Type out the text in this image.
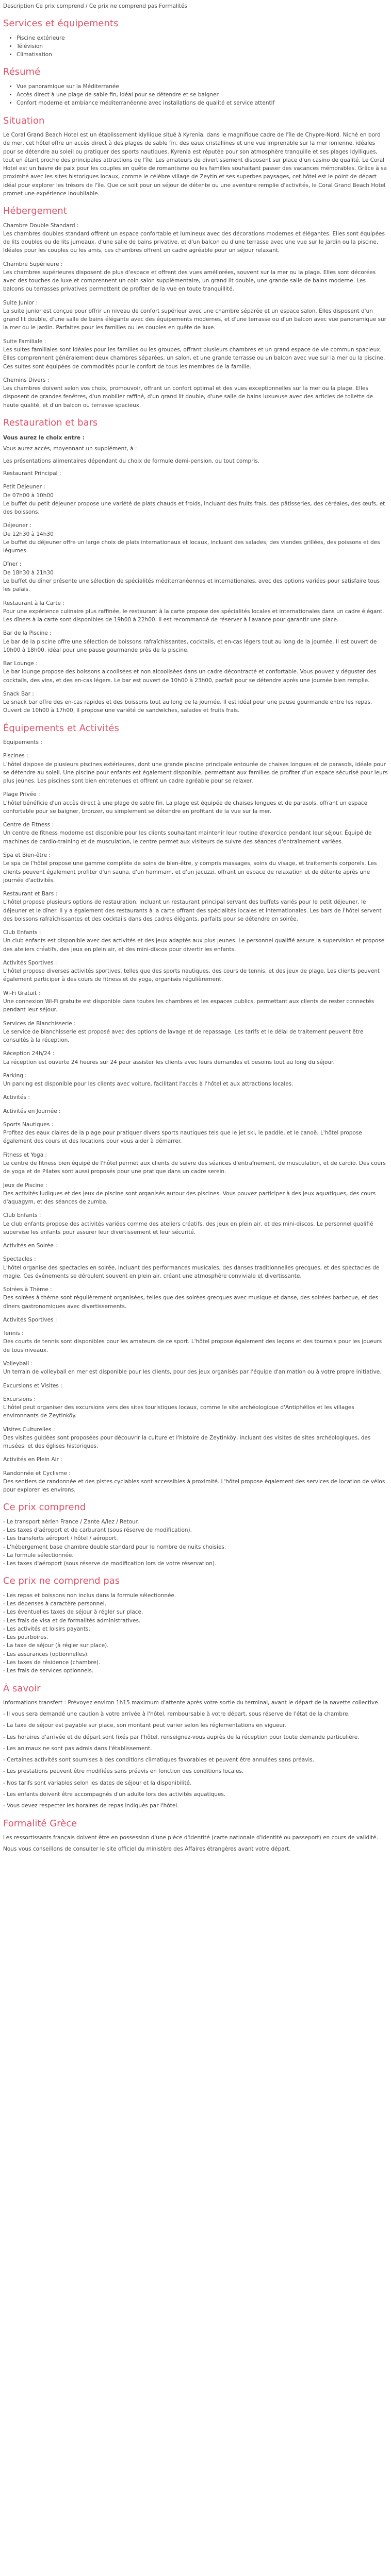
Description Ce prix comprend / Ce prix ne comprend pas Formalités

Services et équipements
• Piscine extérieure
• Télévision
• Climatisation
Résumé
• Vue panoramique sur la Méditerranée
• Accès direct à une plage de sable fin, idéal pour se détendre et se baigner
• Confort moderne et ambiance méditerranéenne avec installations de qualité et service attentif
Situation

Le Coral Grand Beach Hotel est un établissement idyllique situé à Kyrenia, dans le magnifique cadre de l'île de Chypre-Nord. Niché en bord de mer, cet hôtel offre un accès direct à des plages de sable fin, des eaux cristallines et une vue imprenable sur la mer ionienne, idéales pour se détendre au soleil ou pratiquer des sports nautiques. Kyrenia est réputée pour son atmosphère tranquille et ses plages idylliques, tout en étant proche des principales attractions de l'île. Les amateurs de divertissement disposent sur place d'un casino de qualité. Le Coral Hotel est un havre de paix pour les couples en quête de romantisme ou les familles souhaitant passer des vacances mémorables. Grâce à sa proximité avec les sites historiques locaux, comme le célèbre village de Zeytin et ses superbes paysages, cet hôtel est le point de départ idéal pour explorer les trésors de l'île. Que ce soit pour un séjour de détente ou une aventure remplie d'activités, le Coral Grand Beach Hotel promet une expérience inoubliable.

Hébergement

Chambre Double Standard :

Les chambres doubles standard offrent un espace confortable et lumineux avec des décorations modernes et élégantes. Elles sont équipées de lits doubles ou de lits jumeaux, d'une salle de bains privative, et d'un balcon ou d'une terrasse avec une vue sur le jardin ou la piscine. Idéales pour les couples ou les amis, ces chambres offrent un cadre agréable pour un séjour relaxant.

Chambre Supérieure :

Les chambres supérieures disposent de plus d'espace et offrent des vues améliorées, souvent sur la mer ou la plage. Elles sont décorées avec des touches de luxe et comprennent un coin salon supplémentaire, un grand lit double, une grande salle de bains moderne. Les balcons ou terrasses privatives permettent de profiter de la vue en toute tranquillité.

Suite Junior :

La suite junior est conçue pour offrir un niveau de confort supérieur avec une chambre séparée et un espace salon. Elles disposent d'un grand lit double, d'une salle de bains élégante avec des équipements modernes, et d'une terrasse ou d'un balcon avec vue panoramique sur la mer ou le jardin. Parfaites pour les familles ou les couples en quête de luxe.

Suite Familiale :

Les suites familiales sont idéales pour les familles ou les groupes, offrant plusieurs chambres et un grand espace de vie commun spacieux. Elles comprennent généralement deux chambres séparées, un salon, et une grande terrasse ou un balcon avec vue sur la mer ou la piscine. Ces suites sont équipées de commodités pour le confort de tous les membres de la famille.

Chemins Divers :

Les chambres doivent selon vos choix, promouvoir, offrant un confort optimal et des vues exceptionnelles sur la mer ou la plage. Elles disposent de grandes fenêtres, d'un mobilier raffiné, d'un grand lit double, d'une salle de bains luxueuse avec des articles de toilette de haute qualité, et d'un balcon ou terrasse spacieux.

Restauration et bars

Vous aurez le choix entre :

Vous aurez accès, moyennant un supplément, à :

Les présentations alimentaires dépendant du choix de formule demi-pension, ou tout compris.

Restaurant Principal :

Petit Déjeuner :

De 07h00 à 10h00

Le buffet du petit déjeuner propose une variété de plats chauds et froids, incluant des fruits frais, des pâtisseries, des céréales, des œufs, et des boissons.

Déjeuner :

De 12h30 à 14h30

Le buffet du déjeuner offre un large choix de plats internationaux et locaux, incluant des salades, des viandes grillées, des poissons et des légumes.

Dîner :

De 18h30 à 21h30

Le buffet du dîner présente une sélection de spécialités méditerranéennes et internationales, avec des options variées pour satisfaire tous les palais.

Restaurant à la Carte :

Pour une expérience culinaire plus raffinée, le restaurant à la carte propose des spécialités locales et internationales dans un cadre élégant. Les dîners à la carte sont disponibles de 19h00 à 22h00. Il est recommandé de réserver à l'avance pour garantir une place.

Bar de la Piscine :

Le bar de la piscine offre une sélection de boissons rafraîchissantes, cocktails, et en-cas légers tout au long de la journée. Il est ouvert de 10h00 à 18h00, idéal pour une pause gourmande près de la piscine.

Bar Lounge :

Le bar lounge propose des boissons alcoolisées et non alcoolisées dans un cadre décontracté et confortable. Vous pouvez y déguster des cocktails, des vins, et des en-cas légers. Le bar est ouvert de 10h00 à 23h00, parfait pour se détendre après une journée bien remplie.

Snack Bar :

Le snack bar offre des en-cas rapides et des boissons tout au long de la journée. Il est idéal pour une pause gourmande entre les repas. Ouvert de 10h00 à 17h00, il propose une variété de sandwiches, salades et fruits frais.

Équipements et Activités

Équipements :

Piscines :

L'hôtel dispose de plusieurs piscines extérieures, dont une grande piscine principale entourée de chaises longues et de parasols, idéale pour se détendre au soleil. Une piscine pour enfants est également disponible, permettant aux familles de profiter d'un espace sécurisé pour leurs plus jeunes. Les piscines sont bien entretenues et offrent un cadre agréable pour se relaxer.

Plage Privée :

L'hôtel bénéficie d'un accès direct à une plage de sable fin. La plage est équipée de chaises longues et de parasols, offrant un espace confortable pour se baigner, bronzer, ou simplement se détendre en profitant de la vue sur la mer.

Centre de Fitness :

Un centre de fitness moderne est disponible pour les clients souhaitant maintenir leur routine d'exercice pendant leur séjour. Équipé de machines de cardio-training et de musculation, le centre permet aux visiteurs de suivre des séances d'entraînement variées.

Spa et Bien-être :

Le spa de l'hôtel propose une gamme complète de soins de bien-être, y compris massages, soins du visage, et traitements corporels. Les clients peuvent également profiter d'un sauna, d'un hammam, et d'un jacuzzi, offrant un espace de relaxation et de détente après une journée d'activités.

Restaurant et Bars :

L'hôtel propose plusieurs options de restauration, incluant un restaurant principal servant des buffets variés pour le petit déjeuner, le déjeuner et le dîner. Il y a également des restaurants à la carte offrant des spécialités locales et internationales. Les bars de l'hôtel servent des boissons rafraîchissantes et des cocktails dans des cadres élégants, parfaits pour se détendre en soirée.

Club Enfants :

Un club enfants est disponible avec des activités et des jeux adaptés aux plus jeunes. Le personnel qualifié assure la supervision et propose des ateliers créatifs, des jeux en plein air, et des mini-discos pour divertir les enfants.

Activités Sportives :

L'hôtel propose diverses activités sportives, telles que des sports nautiques, des cours de tennis, et des jeux de plage. Les clients peuvent également participer à des cours de fitness et de yoga, organisés régulièrement.

Wi-Fi Gratuit :

Une connexion Wi-Fi gratuite est disponible dans toutes les chambres et les espaces publics, permettant aux clients de rester connectés pendant leur séjour.

Services de Blanchisserie :

Le service de blanchisserie est proposé avec des options de lavage et de repassage. Les tarifs et le délai de traitement peuvent être consultés à la réception.

Réception 24h/24 :

La réception est ouverte 24 heures sur 24 pour assister les clients avec leurs demandes et besoins tout au long du séjour.

Parking :

Un parking est disponible pour les clients avec voiture, facilitant l'accès à l'hôtel et aux attractions locales.

Activités :

Activités en Journée :

Sports Nautiques :

Profitez des eaux claires de la plage pour pratiquer divers sports nautiques tels que le jet ski, le paddle, et le canoë. L'hôtel propose également des cours et des locations pour vous aider à démarrer.

Fitness et Yoga :

Le centre de fitness bien équipé de l'hôtel permet aux clients de suivre des séances d'entraînement, de musculation, et de cardio. Des cours de yoga et de Pilates sont aussi proposés pour une pratique dans un cadre serein.

Jeux de Piscine :

Des activités ludiques et des jeux de piscine sont organisés autour des piscines. Vous pouvez participer à des jeux aquatiques, des cours d'aquagym, et des séances de zumba.

Club Enfants :

Le club enfants propose des activités variées comme des ateliers créatifs, des jeux en plein air, et des mini-discos. Le personnel qualifié supervise les enfants pour assurer leur divertissement et leur sécurité.

Activités en Soirée :

Spectacles :

L'hôtel organise des spectacles en soirée, incluant des performances musicales, des danses traditionnelles grecques, et des spectacles de magie. Ces événements se déroulent souvent en plein air, créant une atmosphère conviviale et divertissante.

Soirées à Thème :

Des soirées à thème sont régulièrement organisées, telles que des soirées grecques avec musique et danse, des soirées barbecue, et des dîners gastronomiques avec divertissements.

Activités Sportives :

Tennis :

Des courts de tennis sont disponibles pour les amateurs de ce sport. L'hôtel propose également des leçons et des tournois pour les joueurs de tous niveaux.

Volleyball :

Un terrain de volleyball en mer est disponible pour les clients, pour des jeux organisés par l'équipe d'animation ou à votre propre initiative.

Excursions et Visites :

Excursions :

L'hôtel peut organiser des excursions vers des sites touristiques locaux, comme le site archéologique d'Antiphéllos et les villages environnants de Zeytinköy.

Visites Culturelles :

Des visites guidées sont proposées pour découvrir la culture et l'histoire de Zeytinköy, incluant des visites de sites archéologiques, des musées, et des églises historiques.

Activités en Plein Air :

Randonnée et Cyclisme :

Des sentiers de randonnée et des pistes cyclables sont accessibles à proximité. L'hôtel propose également des services de location de vélos pour explorer les environs.

Ce prix comprend

- Le transport aérien France / Zante A/lez / Retour.

- Les taxes d'aéroport et de carburant (sous réserve de modification).

- Les transferts aéroport / hôtel / aéroport.

- L'hébergement base chambre double standard pour le nombre de nuits choisies.

- La formule sélectionnée.

- Les taxes d'aéroport (sous réserve de modification lors de votre réservation).

Ce prix ne comprend pas

- Les repas et boissons non inclus dans la formule sélectionnée.

- Les dépenses à caractère personnel.

- Les éventuelles taxes de séjour à régler sur place.

- Les frais de visa et de formalités administratives.

- Les activités et loisirs payants.

- Les pourboires.

- La taxe de séjour (à régler sur place).

- Les assurances (optionnelles).

- Les taxes de résidence (chambre).

- Les frais de services optionnels.

À savoir

Informations transfert : Prévoyez environ 1h15 maximum d'attente après votre sortie du terminal, avant le départ de la navette collective.

- Il vous sera demandé une caution à votre arrivée à l'hôtel, remboursable à votre départ, sous réserve de l'état de la chambre.

- La taxe de séjour est payable sur place, son montant peut varier selon les réglementations en vigueur.

- Les horaires d'arrivée et de départ sont fixés par l'hôtel, renseignez-vous auprès de la réception pour toute demande particulière.

- Les animaux ne sont pas admis dans l'établissement.

- Certaines activités sont soumises à des conditions climatiques favorables et peuvent être annulées sans préavis.

- Les prestations peuvent être modifiées sans préavis en fonction des conditions locales.

- Nos tarifs sont variables selon les dates de séjour et la disponibilité.

- Les enfants doivent être accompagnés d'un adulte lors des activités aquatiques.

- Vous devez respecter les horaires de repas indiqués par l'hôtel.

Formalité Grèce

Les ressortissants français doivent être en possession d'une pièce d'identité (carte nationale d'identité ou passeport) en cours de validité.

Nous vous conseillons de consulter le site officiel du ministère des Affaires étrangères avant votre départ.
